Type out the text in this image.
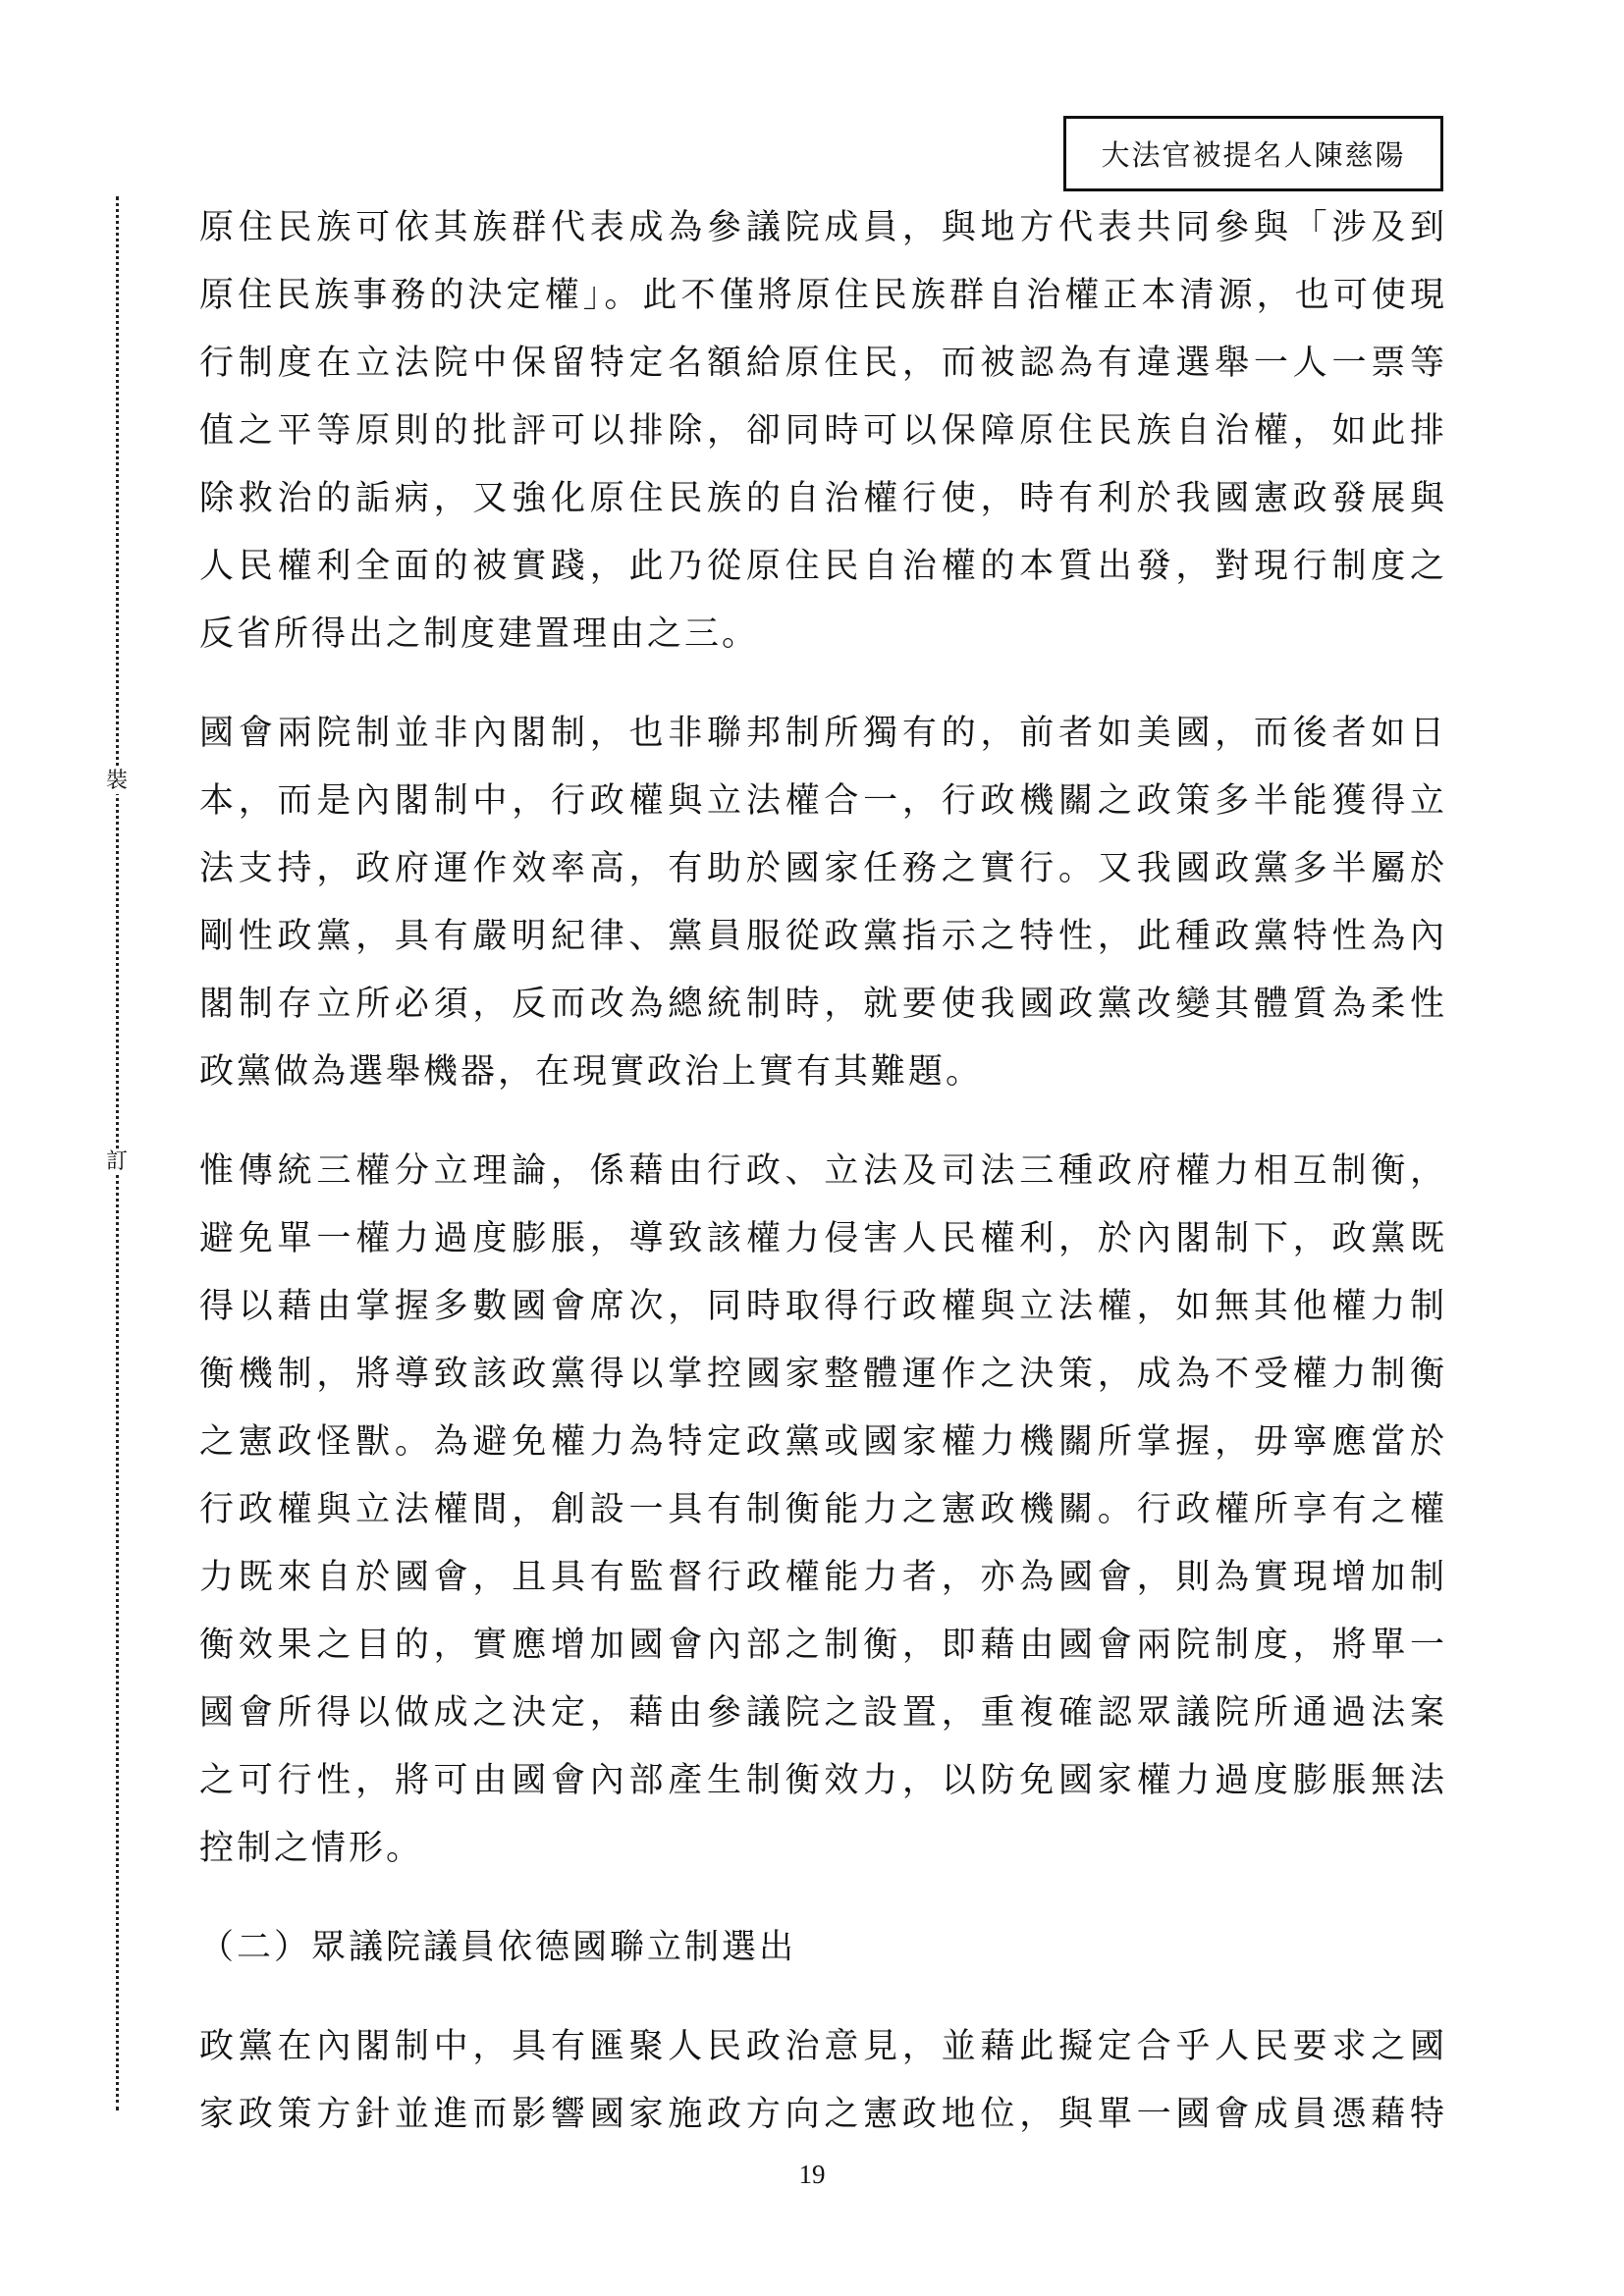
大法官被提名人陳慈陽
裝
訂
原住民族可依其族群代表成為參議院成員，與地方代表共同參與「涉及到
原住民族事務的決定權」。此不僅將原住民族群自治權正本清源，也可使現
行制度在立法院中保留特定名額給原住民，而被認為有違選舉一人一票等
值之平等原則的批評可以排除，卻同時可以保障原住民族自治權，如此排
除救治的詬病，又強化原住民族的自治權行使，時有利於我國憲政發展與
人民權利全面的被實踐，此乃從原住民自治權的本質出發，對現行制度之
反省所得出之制度建置理由之三。
國會兩院制並非內閣制，也非聯邦制所獨有的，前者如美國，而後者如日
本，而是內閣制中，行政權與立法權合一，行政機關之政策多半能獲得立
法支持，政府運作效率高，有助於國家任務之實行。又我國政黨多半屬於
剛性政黨，具有嚴明紀律、黨員服從政黨指示之特性，此種政黨特性為內
閣制存立所必須，反而改為總統制時，就要使我國政黨改變其體質為柔性
政黨做為選舉機器，在現實政治上實有其難題。
惟傳統三權分立理論，係藉由行政、立法及司法三種政府權力相互制衡，
避免單一權力過度膨脹，導致該權力侵害人民權利，於內閣制下，政黨既
得以藉由掌握多數國會席次，同時取得行政權與立法權，如無其他權力制
衡機制，將導致該政黨得以掌控國家整體運作之決策，成為不受權力制衡
之憲政怪獸。為避免權力為特定政黨或國家權力機關所掌握，毋寧應當於
行政權與立法權間，創設一具有制衡能力之憲政機關。行政權所享有之權
力既來自於國會，且具有監督行政權能力者，亦為國會，則為實現增加制
衡效果之目的，實應增加國會內部之制衡，即藉由國會兩院制度，將單一
國會所得以做成之決定，藉由參議院之設置，重複確認眾議院所通過法案
之可行性，將可由國會內部產生制衡效力，以防免國家權力過度膨脹無法
控制之情形。
（二）眾議院議員依德國聯立制選出
政黨在內閣制中，具有匯聚人民政治意見，並藉此擬定合乎人民要求之國
家政策方針並進而影響國家施政方向之憲政地位，與單一國會成員憑藉特
19
